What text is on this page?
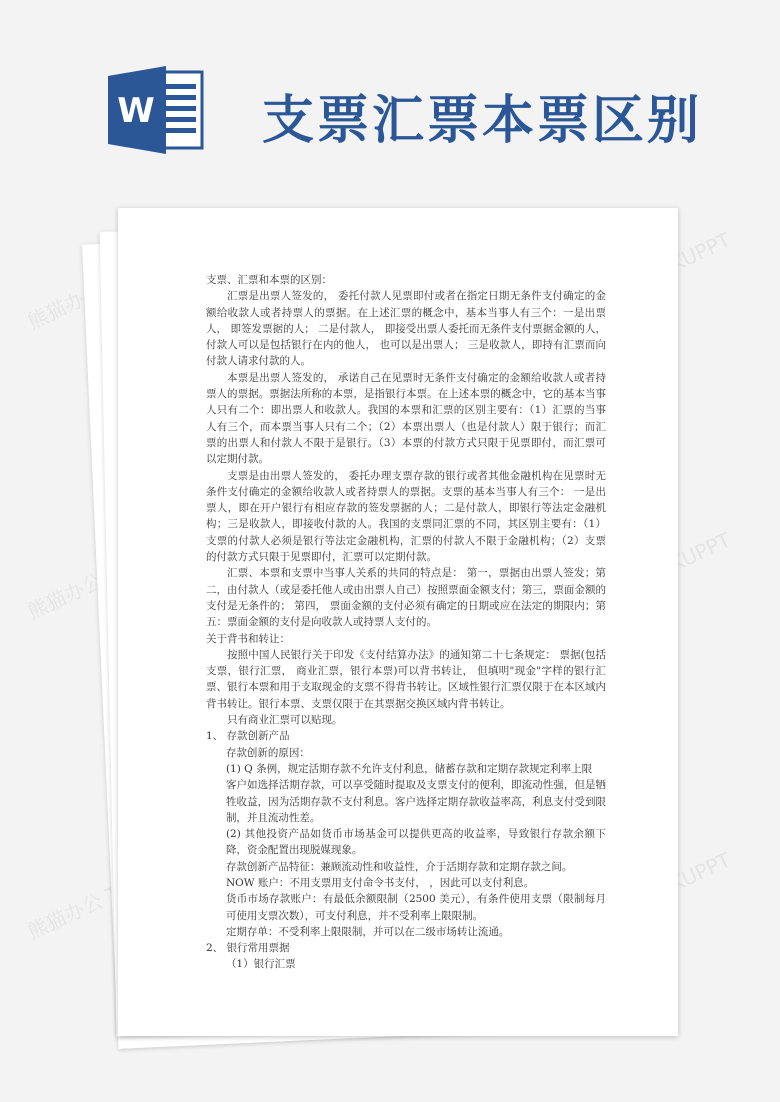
W 支票汇票本票区别
熊猫办公
TUKUPPT
熊猫办公
TUKUPPT
熊猫办公 TUKUPPT	TUKUPPT

支票、汇票和本票的区别：

汇票是出票人签发的， 委托付款人见票即付或者在指定日期无条件支付确定的金额给收款人或者持票人的票据。在上述汇票的概念中，基本当事人有三个：一是出票人， 即签发票据的人； 二是付款人， 即接受出票人委托而无条件支付票据金额的人， 付款人可以是包括银行在内的他人， 也可以是出票人； 三是收款人，即持有汇票而向付款人请求付款的人。

本票是出票人签发的， 承诺自己在见票时无条件支付确定的金额给收款人或者持票人的票据。票据法所称的本票，是指银行本票。在上述本票的概念中，它的基本当事人只有二个：即出票人和收款人。我国的本票和汇票的区别主要有：（1）汇票的当事人有三个，而本票当事人只有二个；（2）本票出票人（也是付款人）限于银行；而汇票的出票人和付款人不限于是银行。（3）本票的付款方式只限于见票即付，而汇票可以定期付款。

支票是由出票人签发的， 委托办理支票存款的银行或者其他金融机构在见票时无条件支付确定的金额给收款人或者持票人的票据。支票的基本当事人有三个： 一是出票人，即在开户银行有相应存款的签发票据的人；二是付款人，即银行等法定金融机构；三是收款人，即接收付款的人。我国的支票同汇票的不同，其区别主要有：（1）支票的付款人必须是银行等法定金融机构，汇票的付款人不限于金融机构；（2）支票的付款方式只限于见票即付，汇票可以定期付款。

汇票、本票和支票中当事人关系的共同的特点是： 第一，票据由出票人签发；第二，由付款人（或是委托他人或由出票人自己）按照票面金额支付；第三，票面金额的支付是无条件的； 第四， 票面金额的支付必须有确定的日期或应在法定的期限内；第五：票面金额的支付是向收款人或持票人支付的。

关于背书和转让：

按照中国人民银行关于印发《支付结算办法》的通知第二十七条规定： 票据(包括支票，银行汇票， 商业汇票，银行本票)可以背书转让， 但填明"现金"字样的银行汇票、银行本票和用于支取现金的支票不得背书转让。区域性银行汇票仅限于在本区域内背书转让。银行本票、支票仅限于在其票据交换区域内背书转让。

只有商业汇票可以贴现。

1、 存款创新产品

存款创新的原因：

(1) Q 条例，规定活期存款不允许支付利息，储蓄存款和定期存款规定利率上限

客户如选择活期存款，可以享受随时提取及支票支付的便利，即流动性强，但是牺牲收益，因为活期存款不支付利息。客户选择定期存款收益率高，利息支付受到限制，并且流动性差。

(2) 其他投资产品如货币市场基金可以提供更高的收益率，导致银行存款余额下降，资金配置出现脱媒现象。

存款创新产品特征：兼顾流动性和收益性，介于活期存款和定期存款之间。

NOW 账户：不用支票用支付命令书支付， ，因此可以支付利息。

货币市场存款账户：有最低余额限制（2500 美元），有条件使用支票（限制每月可使用支票次数），可支付利息，并不受利率上限限制。

定期存单：不受利率上限限制，并可以在二级市场转让流通。

2、 银行常用票据

（1）银行汇票
